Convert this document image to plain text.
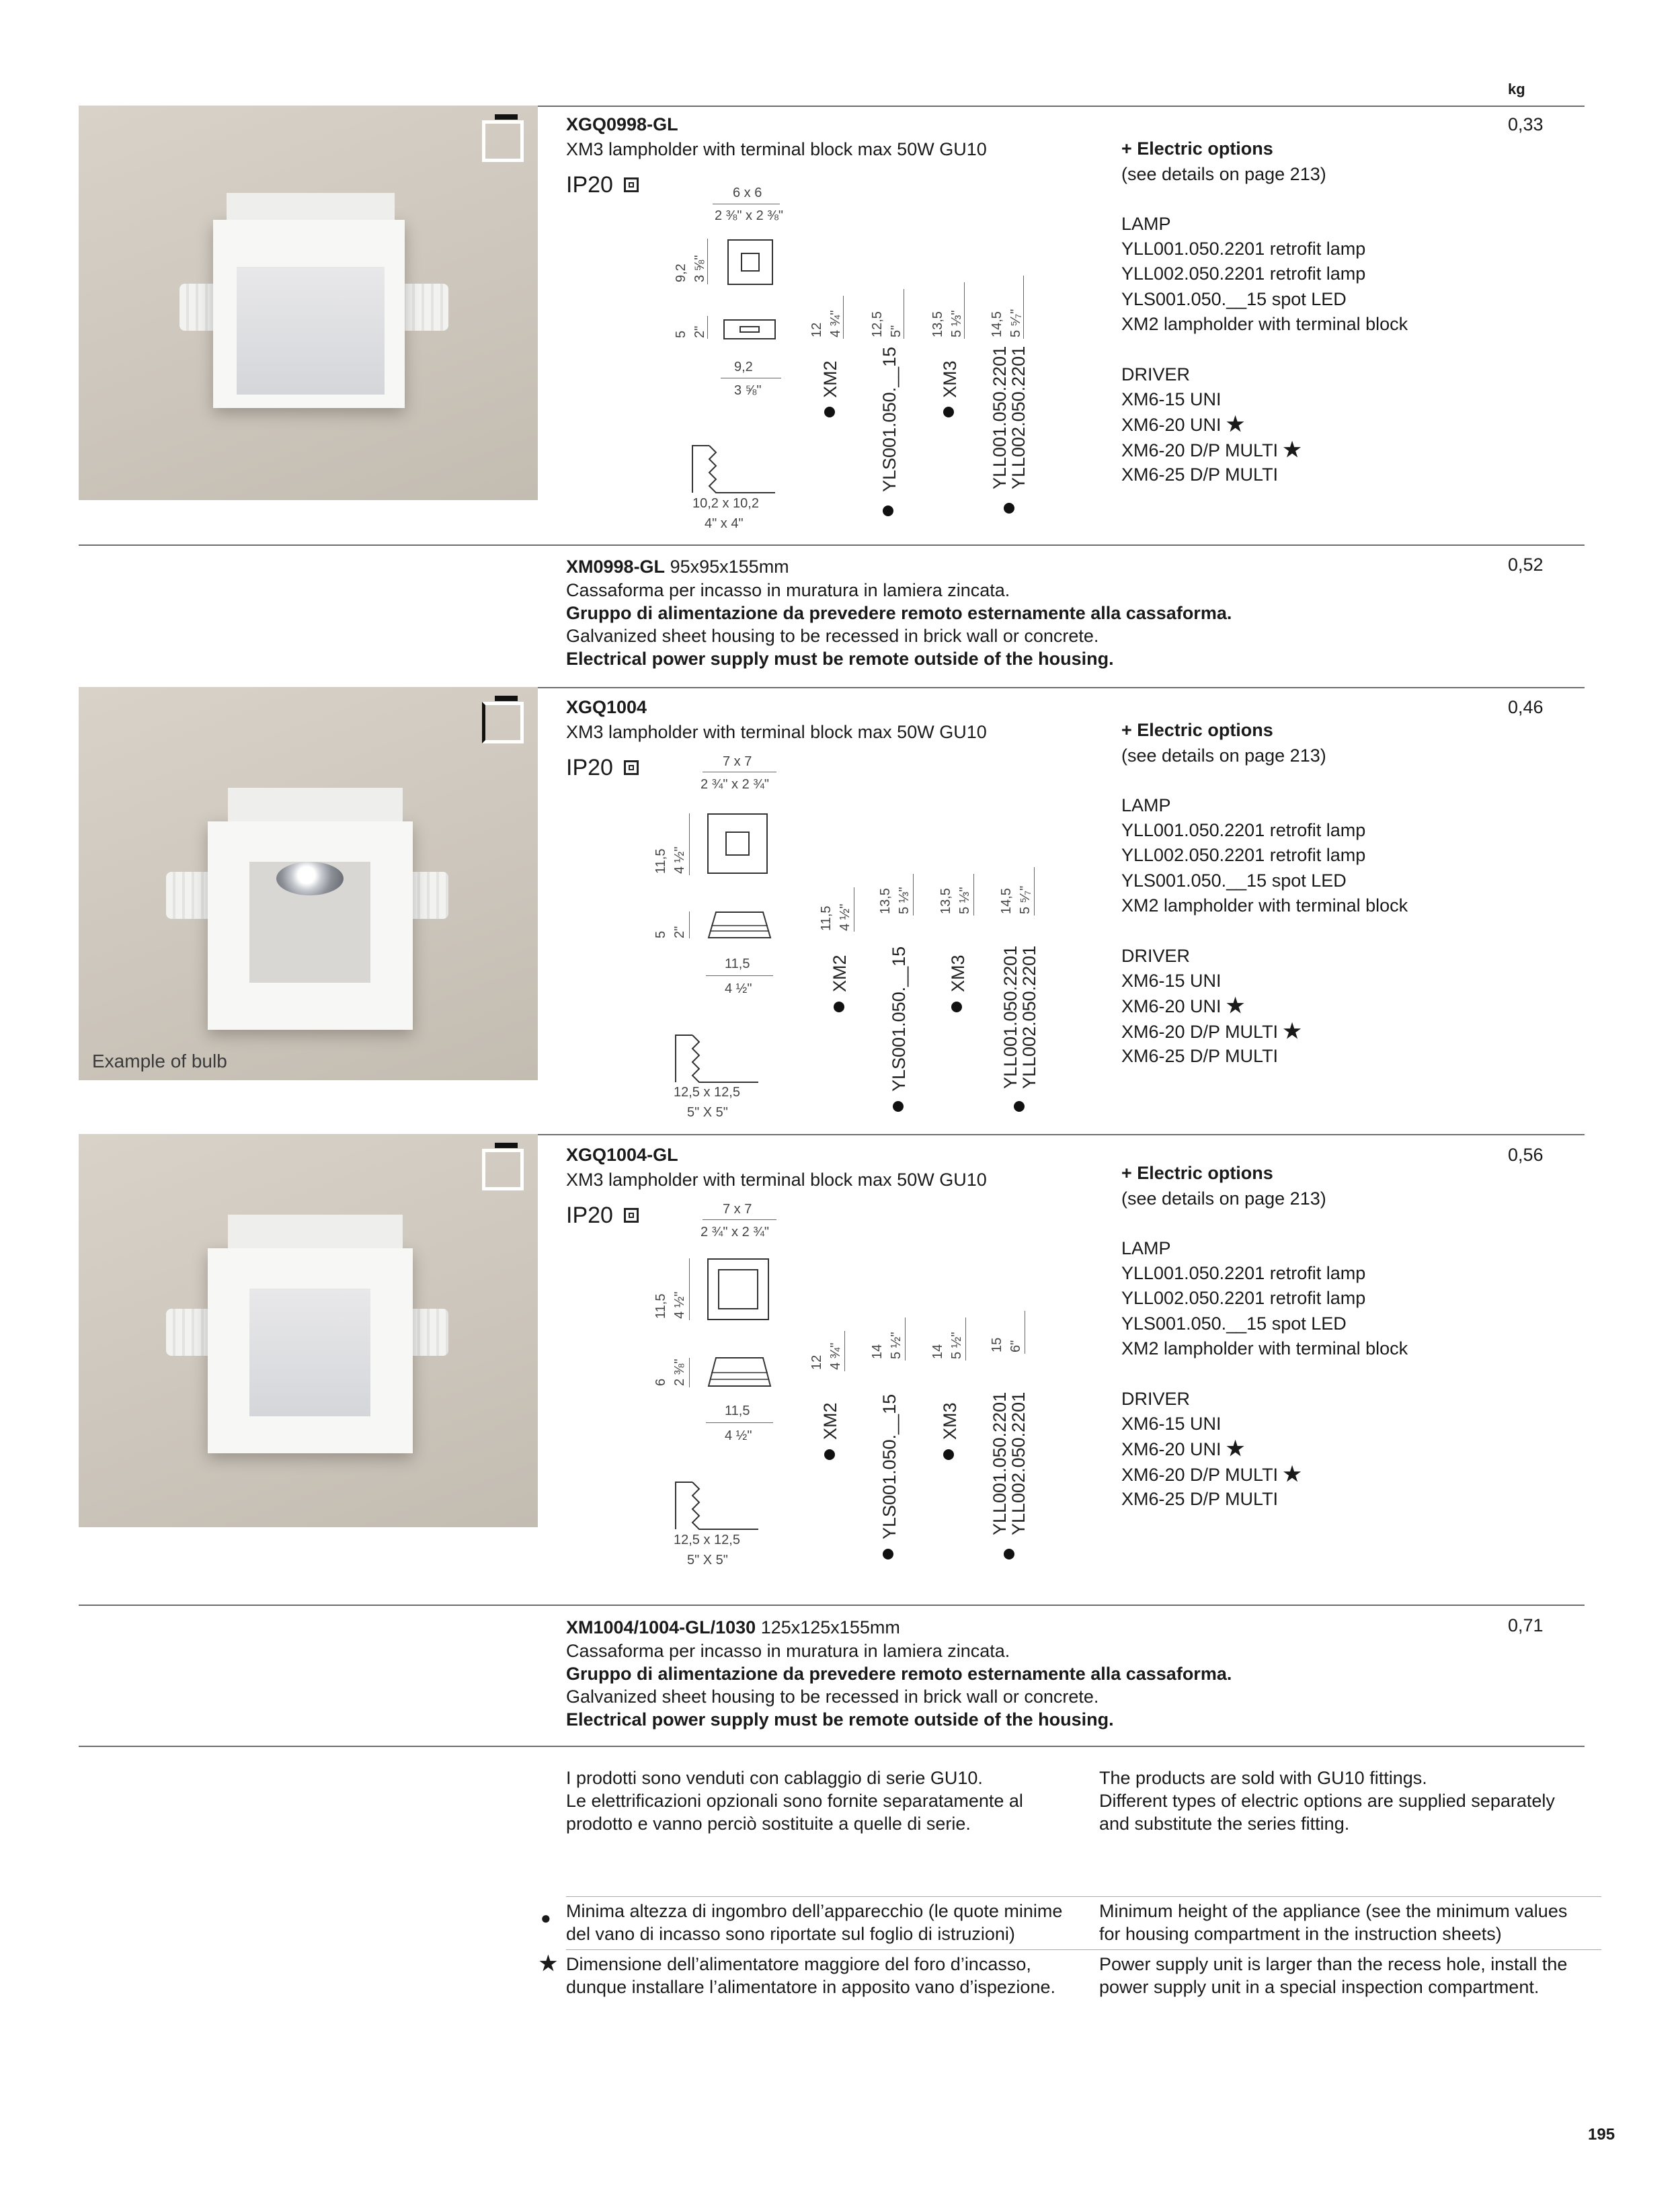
kg
XGQ0998-GL
XM3 lampholder with terminal block max 50W GU10
IP20
0,33
6 x 6
2 ⅜" x 2 ⅜"
9,2 3 ⅝"
5 2"
9,2
3 ⅝"
10,2 x 10,2
4" x 4"
12 4 ¾" 12,5 5" 13,5 5 ⅓" 14,5 5 ⁵⁄₇"
XM2 YLS001.050.__15 XM3 YLL001.050.2201
YLL002.050.2201
+ Electric options
(see details on page 213)
LAMP
YLL001.050.2201 retrofit lamp
YLL002.050.2201 retrofit lamp
YLS001.050.__15 spot LED
XM2 lampholder with terminal block
DRIVER
XM6-15 UNI
XM6-20 UNI ★
XM6-20 D/P MULTI ★
XM6-25 D/P MULTI
XM0998-GL 95x95x155mm
Cassaforma per incasso in muratura in lamiera zincata.
Gruppo di alimentazione da prevedere remoto esternamente alla cassaforma.
Galvanized sheet housing to be recessed in brick wall or concrete.
Electrical power supply must be remote outside of the housing.
0,52
Example of bulb
XGQ1004
XM3 lampholder with terminal block max 50W GU10
IP20
0,46
7 x 7
2 ¾" x 2 ¾"
11,5 4 ½"
5 2"
11,5
4 ½"
12,5 x 12,5
5" X 5"
11,5 4 ½"
13,5 5 ⅓" 13,5 5 ⅓" 14,5 5 ⁵⁄₇"
XM2 YLS001.050.__15 XM3 YLL001.050.2201
YLL002.050.2201
+ Electric options
(see details on page 213)
LAMP
YLL001.050.2201 retrofit lamp
YLL002.050.2201 retrofit lamp
YLS001.050.__15 spot LED
XM2 lampholder with terminal block
DRIVER
XM6-15 UNI
XM6-20 UNI ★
XM6-20 D/P MULTI ★
XM6-25 D/P MULTI
XGQ1004-GL
XM3 lampholder with terminal block max 50W GU10
IP20
0,56
7 x 7
2 ¾" x 2 ¾"
11,5 4 ½"
6 2 ⅜"
11,5
4 ½"
12,5 x 12,5
5" X 5"
12 4 ¾" 14 5 ½" 14 5 ½" 15 6"
XM2 YLS001.050.__15 XM3 YLL001.050.2201
YLL002.050.2201
+ Electric options
(see details on page 213)
LAMP
YLL001.050.2201 retrofit lamp
YLL002.050.2201 retrofit lamp
YLS001.050.__15 spot LED
XM2 lampholder with terminal block
DRIVER
XM6-15 UNI
XM6-20 UNI ★
XM6-20 D/P MULTI ★
XM6-25 D/P MULTI
XM1004/1004-GL/1030 125x125x155mm
Cassaforma per incasso in muratura in lamiera zincata.
Gruppo di alimentazione da prevedere remoto esternamente alla cassaforma.
Galvanized sheet housing to be recessed in brick wall or concrete.
Electrical power supply must be remote outside of the housing.
0,71
I prodotti sono venduti con cablaggio di serie GU10.
Le elettrificazioni opzionali sono fornite separatamente al
prodotto e vanno perciò sostituite a quelle di serie.
The products are sold with GU10 fittings.
Different types of electric options are supplied separately
and substitute the series fitting.
● Minima altezza di ingombro dell’apparecchio (le quote minime
del vano di incasso sono riportate sul foglio di istruzioni)
Minimum height of the appliance (see the minimum values
for housing compartment in the instruction sheets)
★ Dimensione dell’alimentatore maggiore del foro d’incasso,
dunque installare l’alimentatore in apposito vano d’ispezione.
Power supply unit is larger than the recess hole, install the
power supply unit in a special inspection compartment.
195
